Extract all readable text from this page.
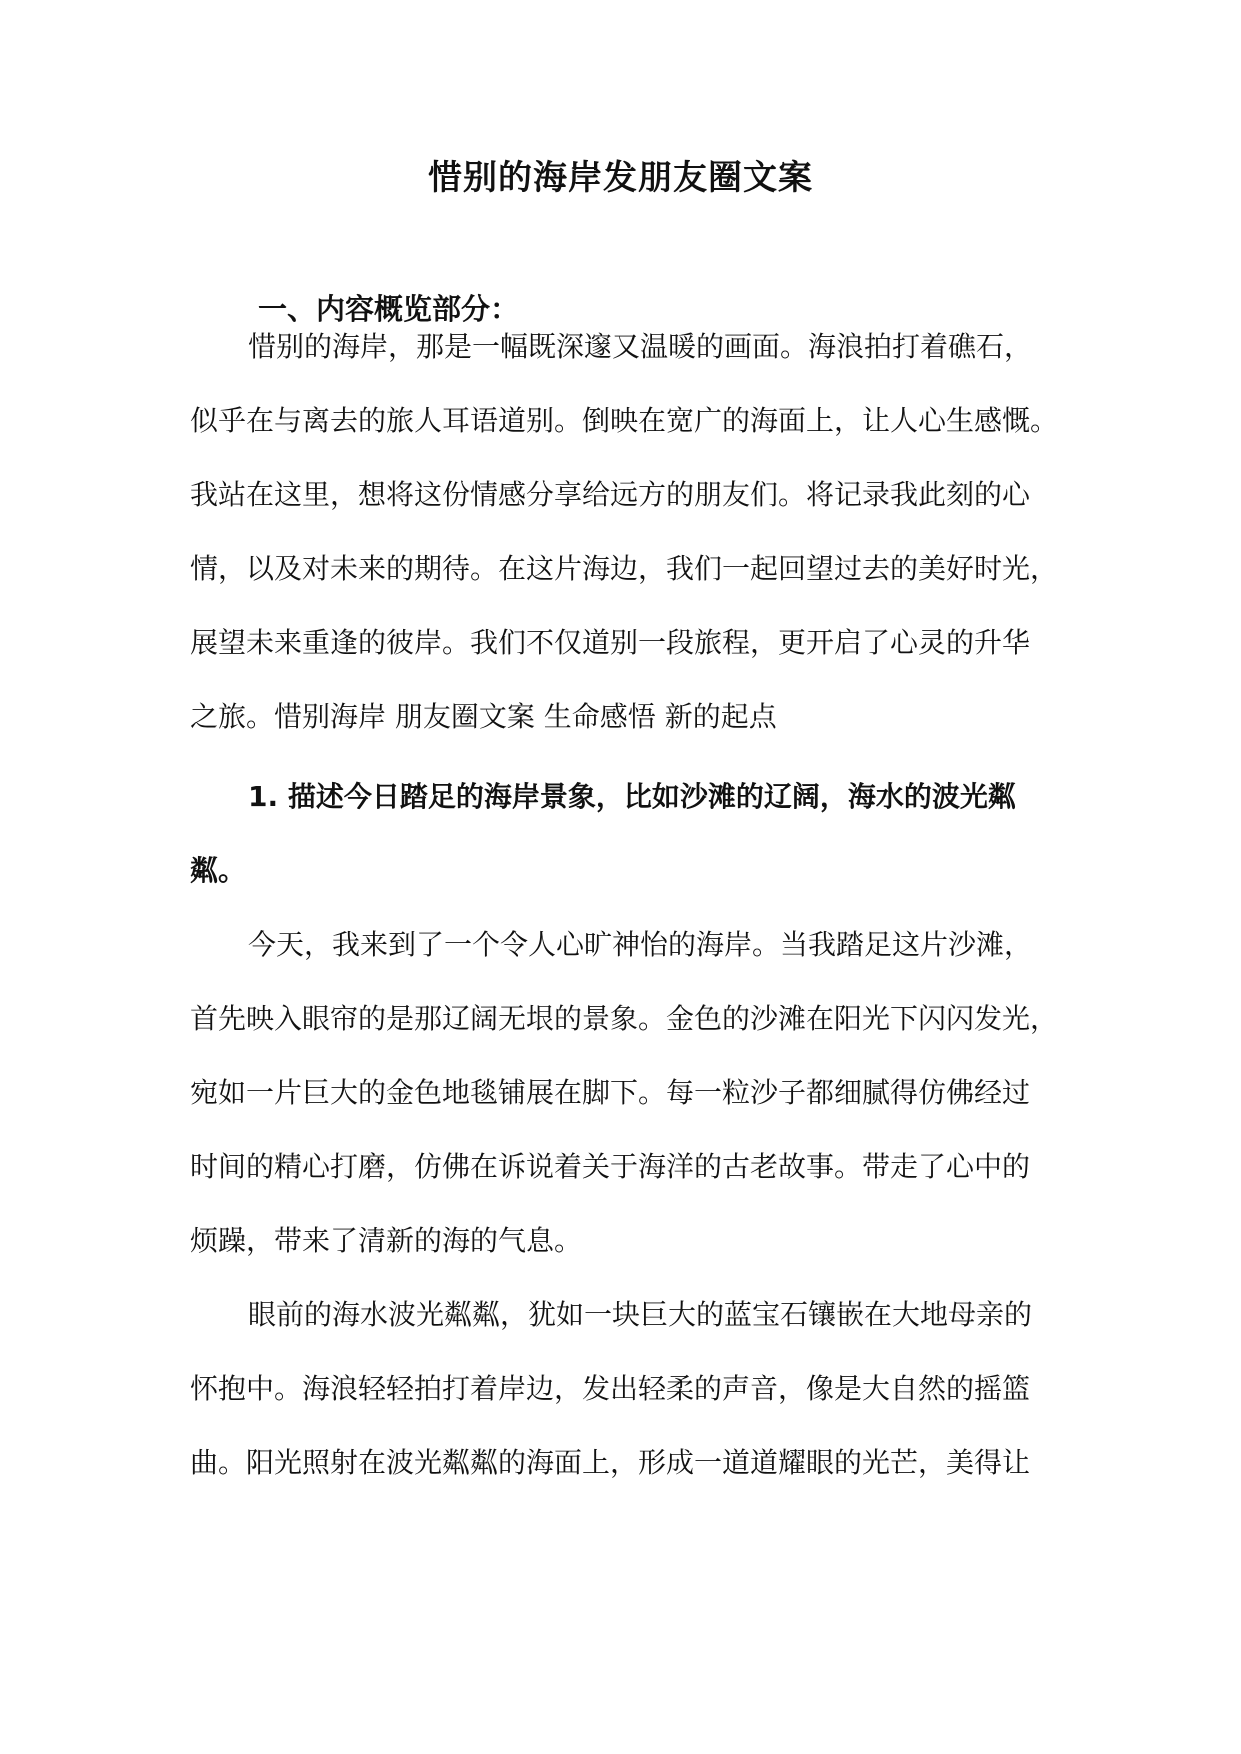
惜别的海岸发朋友圈文案
一、内容概览部分：
惜别的海岸，那是一幅既深邃又温暖的画面。海浪拍打着礁石，
似乎在与离去的旅人耳语道别。倒映在宽广的海面上，让人心生感慨。
我站在这里，想将这份情感分享给远方的朋友们。将记录我此刻的心
情，以及对未来的期待。在这片海边，我们一起回望过去的美好时光，
展望未来重逢的彼岸。我们不仅道别一段旅程，更开启了心灵的升华
之旅。惜别海岸 朋友圈文案 生命感悟 新的起点
1. 描述今日踏足的海岸景象，比如沙滩的辽阔，海水的波光粼
粼。
今天，我来到了一个令人心旷神怡的海岸。当我踏足这片沙滩，
首先映入眼帘的是那辽阔无垠的景象。金色的沙滩在阳光下闪闪发光，
宛如一片巨大的金色地毯铺展在脚下。每一粒沙子都细腻得仿佛经过
时间的精心打磨，仿佛在诉说着关于海洋的古老故事。带走了心中的
烦躁，带来了清新的海的气息。
眼前的海水波光粼粼，犹如一块巨大的蓝宝石镶嵌在大地母亲的
怀抱中。海浪轻轻拍打着岸边，发出轻柔的声音，像是大自然的摇篮
曲。阳光照射在波光粼粼的海面上，形成一道道耀眼的光芒，美得让
